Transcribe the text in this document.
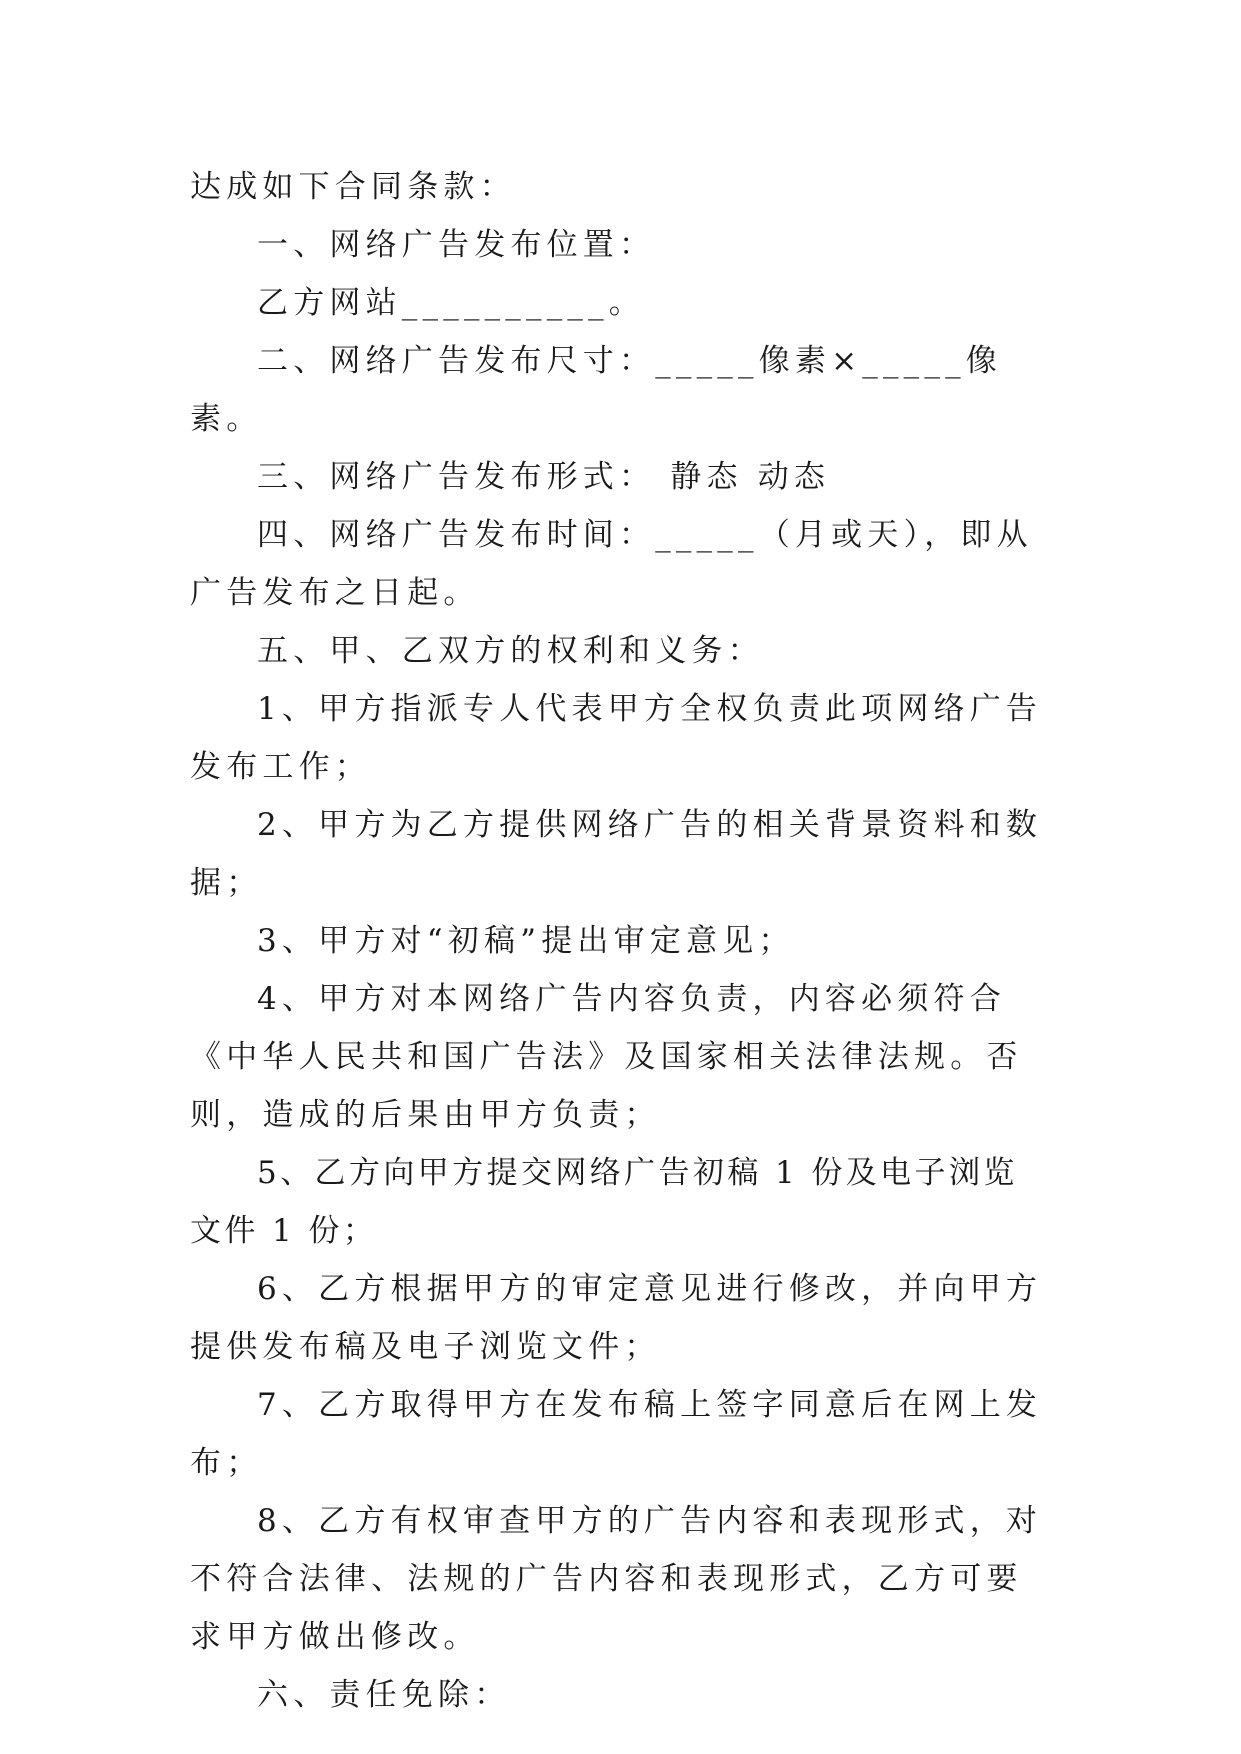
达成如下合同条款：

一、网络广告发布位置：

乙方网站__________。

二、网络广告发布尺寸：_____像素×_____像素。

三、网络广告发布形式： 静态 动态

四、网络广告发布时间：_____（月或天），即从广告发布之日起。

五、甲、乙双方的权利和义务：

1、甲方指派专人代表甲方全权负责此项网络广告发布工作；

2、甲方为乙方提供网络广告的相关背景资料和数据；

3、甲方对“初稿”提出审定意见；

4、甲方对本网络广告内容负责，内容必须符合《中华人民共和国广告法》及国家相关法律法规。否则，造成的后果由甲方负责；

5、乙方向甲方提交网络广告初稿 1 份及电子浏览文件 1 份；

6、乙方根据甲方的审定意见进行修改，并向甲方提供发布稿及电子浏览文件；

7、乙方取得甲方在发布稿上签字同意后在网上发布；

8、乙方有权审查甲方的广告内容和表现形式，对不符合法律、法规的广告内容和表现形式，乙方可要求甲方做出修改。

六、责任免除：
